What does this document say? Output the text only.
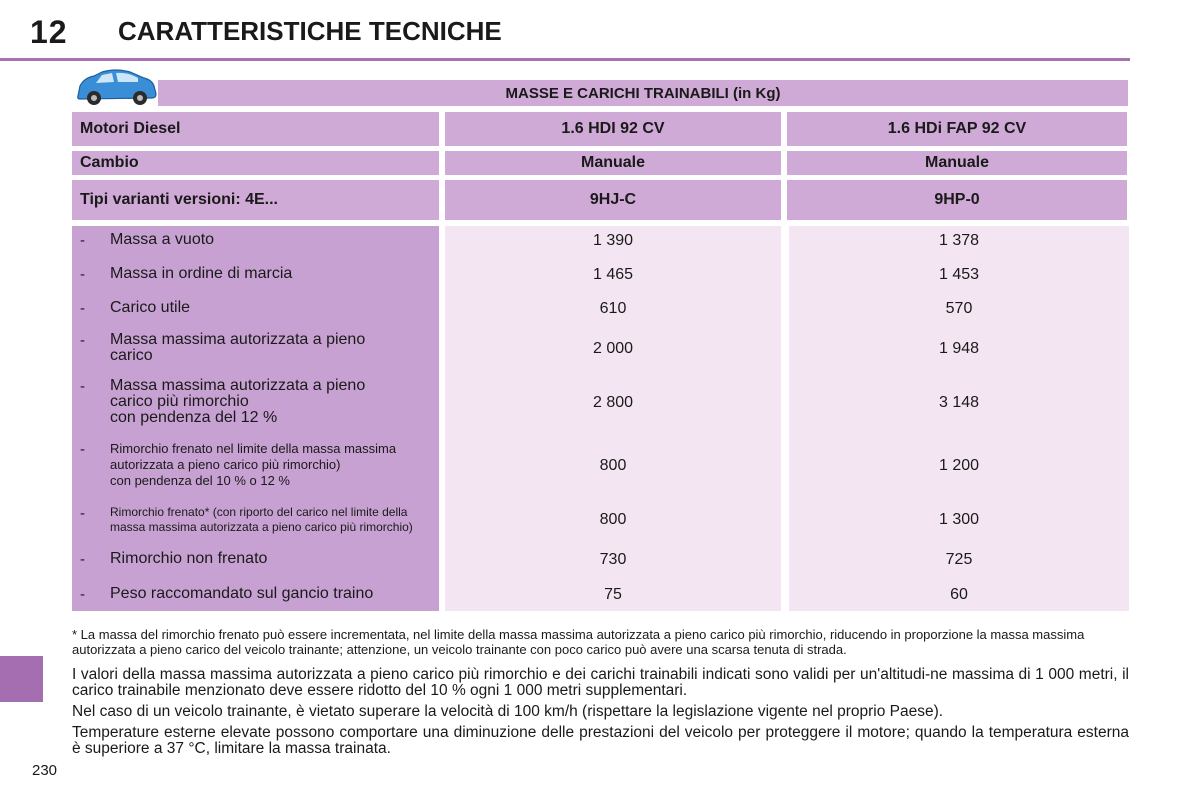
12 CARATTERISTICHE TECNICHE
MASSE E CARICHI TRAINABILI (in Kg)
Motori Diesel	1.6 HDI 92 CV	1.6 HDi FAP 92 CV
Cambio	Manuale	Manuale
Tipi varianti versioni: 4E...	9HJ-C	9HP-0
- Massa a vuoto	1 390	1 378
- Massa in ordine di marcia	1 465	1 453
- Carico utile	610	570
- Massa massima autorizzata a pieno
carico	2 000	1 948
- Massa massima autorizzata a pieno
carico più rimorchio
con pendenza del 12 %
2 800	3 148
- Rimorchio frenato nel limite della massa massima
autorizzata a pieno carico più rimorchio)
con pendenza del 10 % o 12 %
800	1 200
- Rimorchio frenato* (con riporto del carico nel limite della
massa massima autorizzata a pieno carico più rimorchio)	800	1 300
- Rimorchio non frenato	730	725
- Peso raccomandato sul gancio traino	75	60
* La massa del rimorchio frenato può essere incrementata, nel limite della massa massima autorizzata a pieno carico più rimorchio, riducendo in proporzione la massa massima autorizzata a pieno carico del veicolo trainante; attenzione, un veicolo trainante con poco carico può avere una scarsa tenuta di strada.
I valori della massa massima autorizzata a pieno carico più rimorchio e dei carichi trainabili indicati sono validi per un'altitudi-ne massima di 1 000 metri, il carico trainabile menzionato deve essere ridotto del 10 % ogni 1 000 metri supplementari.
Nel caso di un veicolo trainante, è vietato superare la velocità di 100 km/h (rispettare la legislazione vigente nel proprio Paese).
Temperature esterne elevate possono comportare una diminuzione delle prestazioni del veicolo per proteggere il motore; quando la temperatura esterna è superiore a 37 °C, limitare la massa trainata.
230
